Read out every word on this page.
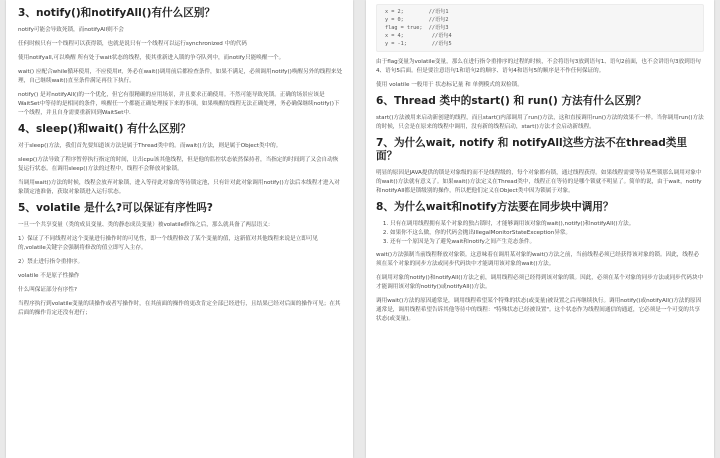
3、notify()和notifyAll()有什么区别？

notify可能会导致死锁，而notifyAll则不会

任何时候只有一个线程可以获得锁，也就是说只有一个线程可以运行synchronized 中的代码

使用notifyall,可以唤醒 所有处于wait状态的线程，使其重新进入锁的争夺队列中，而notify只能唤醒一个。

wait() 应配合while循环使用，不应使用if，务必在wait()调用前后都检查条件，如果不满足，必须调用notify()唤醒另外的线程来处理，自己继续wait()直至条件满足再往下执行。

notify() 是对notifyAll()的一个优化，但它有很精确的应用场景，并且要求正确使用。不然可能导致死锁。正确的场景应该是 WaitSet中等待的是相同的条件，唤醒任一个都能正确处理接下来的事项，如果唤醒的线程无法正确处理，务必确保继续notify()下一个线程，并且自身需要重新回到WaitSet中.

4、sleep()和wait() 有什么区别？

对于sleep()方法，我们首先要知道该方法是属于Thread类中的。而wait()方法，则是属于Object类中的。

sleep()方法导致了程序暂停执行指定的时间，让出cpu该其他线程，但是他的监控状态依然保持者，当指定的时间到了又会自动恢复运行状态。在调用sleep()方法的过程中，线程不会释放对象锁。

当调用wait()方法的时候，线程会放弃对象锁，进入等待此对象的等待锁定池，只有针对此对象调用notify()方法后本线程才进入对象锁定池准备，获取对象锁进入运行状态。

5、volatile 是什么?可以保证有序性吗?

一旦一个共享变量（类的成员变量、类的静态成员变量）被volatile修饰之后，那么就具备了两层语义：

1）保证了不同线程对这个变量进行操作时的可见性，即一个线程修改了某个变量的值，这新值对其他线程来说是立即可见的,volatile关键字会强制将修改的值立即写入主存。

2）禁止进行指令重排序。

volatile 不是原子性操作

什么叫保证部分有序性?

当程序执行到volatile变量的读操作或者写操作时，在其前面的操作的更改肯定全部已经进行，且结果已经对后面的操作可见；在其后面的操作肯定还没有进行；

x = 2;        //语句1
y = 0;        //语句2
flag = true;  //语句3
x = 4;         //语句4
y = -1;        //语句5

由于flag变量为volatile变量，那么在进行指令重排序的过程的时候，不会将语句3放到语句1、语句2前面，也不会讲语句3放到语句4、语句5后面。但是要注意语句1和语句2的顺序、语句4和语句5的顺序是不作任何保证的。

使用 volatile 一般用于 状态标记量 和 单例模式的双检锁。

6、Thread 类中的start() 和 run() 方法有什么区别？

start()方法被用来启动新创建的线程，而且start()内部调用了run()方法，这和直接调用run()方法的效果不一样。当你调用run()方法的时候，只会是在原来的线程中调用，没有新的线程启动，start()方法才会启动新线程。

7、为什么wait, notify 和 notifyAll这些方法不在thread类里面？

明显的原因是JAVA提供的锁是对象级的而不是线程级的，每个对象都有锁，通过线程获得。如果线程需要等待某些锁那么调用对象中的wait()方法就有意义了。如果wait()方法定义在Thread类中，线程正在等待的是哪个锁就不明显了。简单的说，由于wait，notify和notifyAll都是锁级别的操作，所以把他们定义在Object类中因为锁属于对象。

8、为什么wait和notify方法要在同步块中调用？
1. 只有在调用线程拥有某个对象的独占锁时，才能够调用该对象的wait(),notify()和notifyAll()方法。
2. 如果你不这么做，你的代码会抛出IllegalMonitorStateException异常。
3. 还有一个原因是为了避免wait和notify之间产生竞态条件。

wait()方法强制当前线程释放对象锁。这意味着在调用某对象的wait()方法之前，当前线程必须已经获得该对象的锁。因此，线程必须在某个对象的同步方法或同步代码块中才能调用该对象的wait()方法。

在调用对象的notify()和notifyAll()方法之前，调用线程必须已经得到该对象的锁。因此，必须在某个对象的同步方法或同步代码块中才能调用该对象的notify()或notifyAll()方法。

调用wait()方法的原因通常是，调用线程希望某个特殊的状态(或变量)被设置之后再继续执行。调用notify()或notifyAll()方法的原因通常是，调用线程希望告诉其他等待中的线程："特殊状态已经被设置"。这个状态作为线程间通信的通道，它必须是一个可变的共享状态(或变量)。
